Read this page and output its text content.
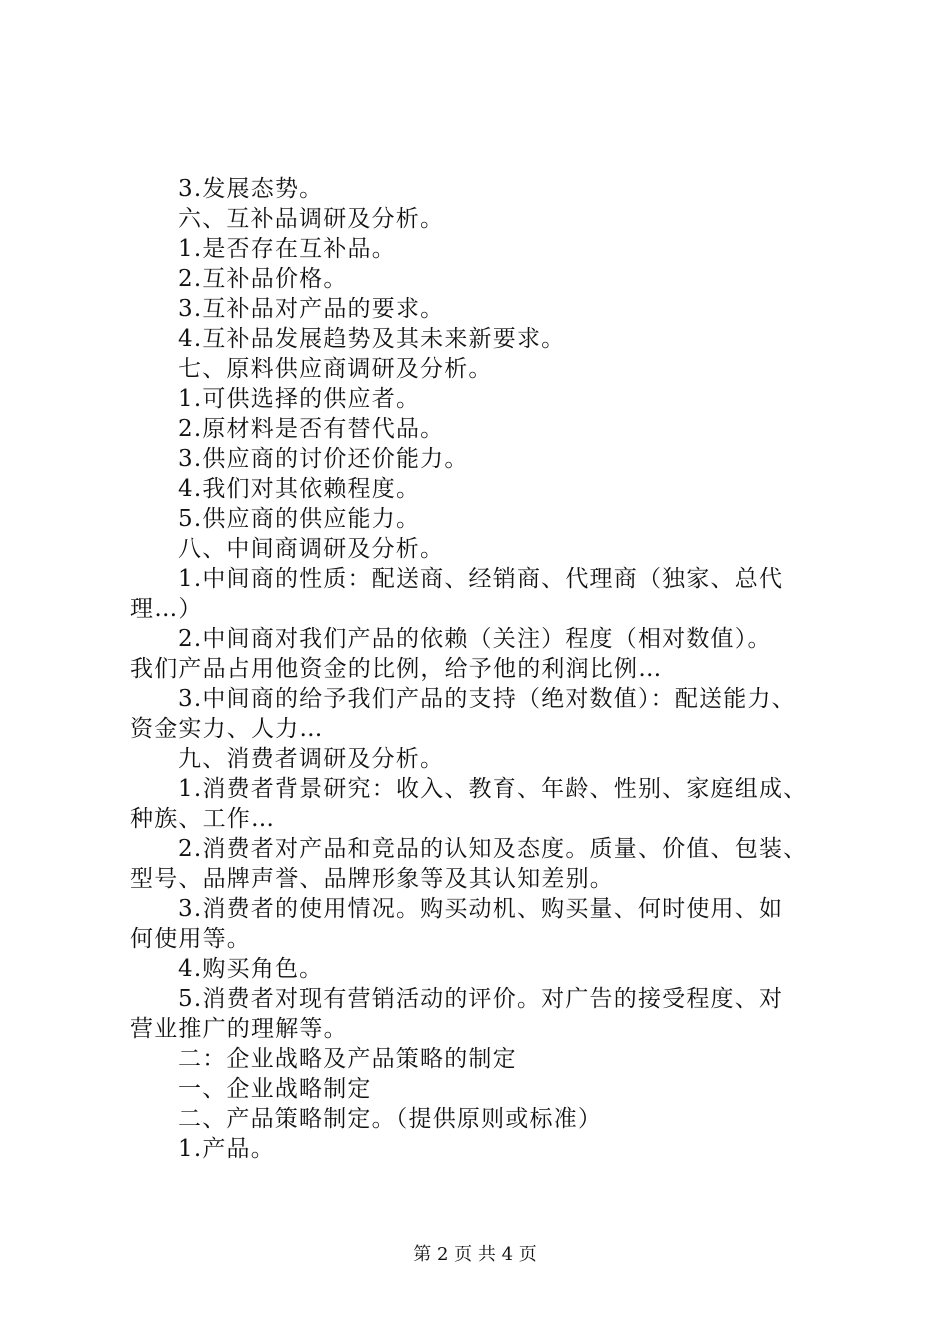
3.发展态势。
六、互补品调研及分析。
1.是否存在互补品。
2.互补品价格。
3.互补品对产品的要求。
4.互补品发展趋势及其未来新要求。
七、原料供应商调研及分析。
1.可供选择的供应者。
2.原材料是否有替代品。
3.供应商的讨价还价能力。
4.我们对其依赖程度。
5.供应商的供应能力。
八、中间商调研及分析。
1.中间商的性质：配送商、经销商、代理商（独家、总代
理…）
2.中间商对我们产品的依赖（关注）程度（相对数值）。
我们产品占用他资金的比例，给予他的利润比例…
3.中间商的给予我们产品的支持（绝对数值）：配送能力、
资金实力、人力…
九、消费者调研及分析。
1.消费者背景研究：收入、教育、年龄、性别、家庭组成、
种族、工作…
2.消费者对产品和竞品的认知及态度。质量、价值、包装、
型号、品牌声誉、品牌形象等及其认知差别。
3.消费者的使用情况。购买动机、购买量、何时使用、如
何使用等。
4.购买角色。
5.消费者对现有营销活动的评价。对广告的接受程度、对
营业推广的理解等。
二：企业战略及产品策略的制定
一、企业战略制定
二、产品策略制定。（提供原则或标准）
1.产品。
第 2 页 共 4 页
